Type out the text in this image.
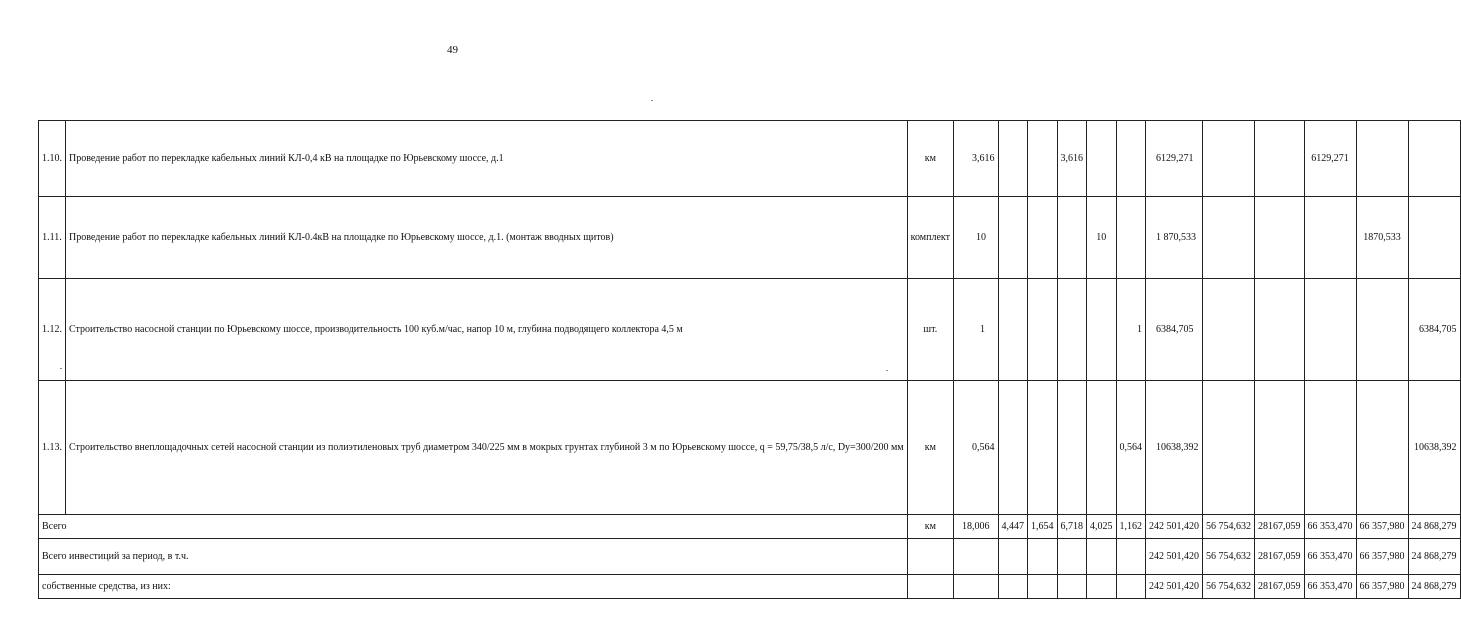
49
1.10.	Проведение работ по перекладке кабельных линий КЛ-0,4 кВ на площадке по Юрьевскому шоссе, д.1	км	3,616			3,616			6129,271			6129,271		
1.11.	Проведение работ по перекладке кабельных линий КЛ-0.4кВ на площадке по Юрьевскому шоссе, д.1. (монтаж вводных щитов)	комплект	10				10		1 870,533				1870,533	
1.12.	Строительство насосной станции по Юрьевскому шоссе, производительность 100 куб.м/час, напор 10 м, глубина подводящего коллектора 4,5 м	шт.	1					1	6384,705					6384,705
1.13.	Строительство внеплощадочных сетей насосной станции из полиэтиленовых труб диаметром 340/225 мм в мокрых грунтах глубиной 3 м по Юрьевскому шоссе, q = 59,75/38,5 л/с, Dy=300/200 мм	км	0,564					0,564	10638,392					10638,392
Всего		км	18,006	4,447	1,654	6,718	4,025	1,162	242 501,420	56 754,632	28167,059	66 353,470	66 357,980	24 868,279
Всего инвестиций за период, в т.ч.									242 501,420	56 754,632	28167,059	66 353,470	66 357,980	24 868,279
собственные средства, из них:									242 501,420	56 754,632	28167,059	66 353,470	66 357,980	24 868,279
